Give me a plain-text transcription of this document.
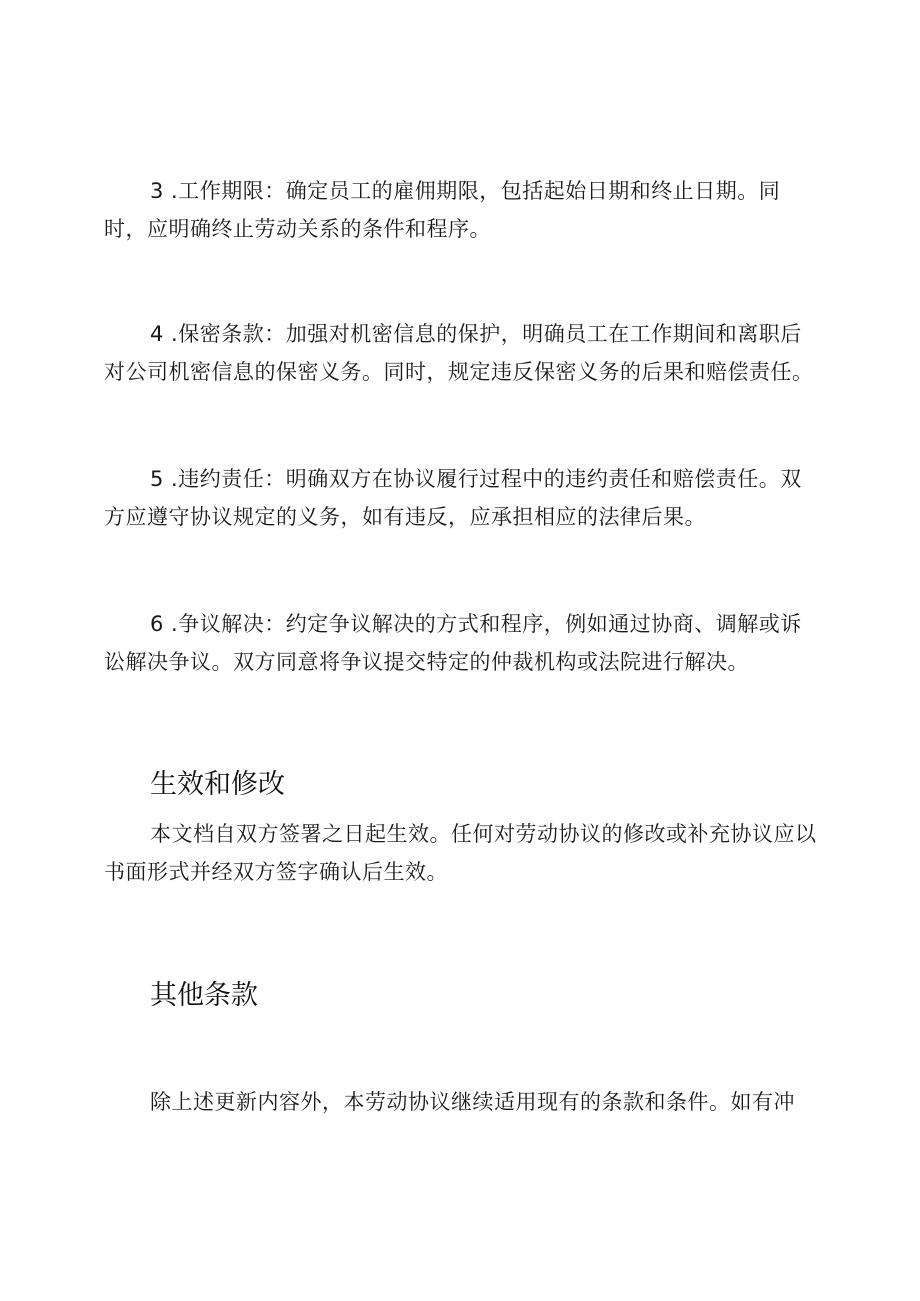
3 .工作期限：确定员工的雇佣期限，包括起始日期和终止日期。同时，应明确终止劳动关系的条件和程序。

4 .保密条款：加强对机密信息的保护，明确员工在工作期间和离职后对公司机密信息的保密义务。同时，规定违反保密义务的后果和赔偿责任。

5 .违约责任：明确双方在协议履行过程中的违约责任和赔偿责任。双方应遵守协议规定的义务，如有违反，应承担相应的法律后果。

6 .争议解决：约定争议解决的方式和程序，例如通过协商、调解或诉讼解决争议。双方同意将争议提交特定的仲裁机构或法院进行解决。

生效和修改

本文档自双方签署之日起生效。任何对劳动协议的修改或补充协议应以书面形式并经双方签字确认后生效。

其他条款

除上述更新内容外，本劳动协议继续适用现有的条款和条件。如有冲
